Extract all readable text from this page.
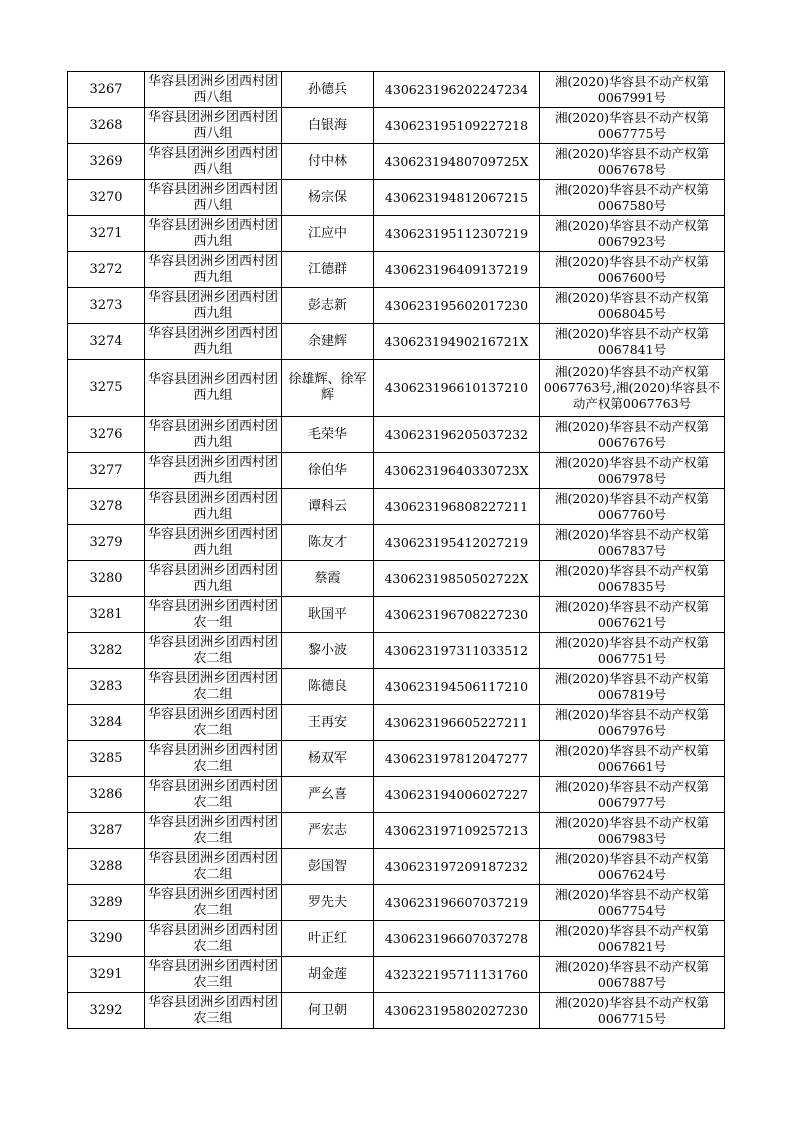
3267	华容县团洲乡团西村团西八组	孙德兵	430623196202247234	湘(2020)华容县不动产权第0067991号
3268	华容县团洲乡团西村团西八组	白银海	430623195109227218	湘(2020)华容县不动产权第0067775号
3269	华容县团洲乡团西村团西八组	付中林	43062319480709725X	湘(2020)华容县不动产权第0067678号
3270	华容县团洲乡团西村团西八组	杨宗保	430623194812067215	湘(2020)华容县不动产权第0067580号
3271	华容县团洲乡团西村团西九组	江应中	430623195112307219	湘(2020)华容县不动产权第0067923号
3272	华容县团洲乡团西村团西九组	江德群	430623196409137219	湘(2020)华容县不动产权第0067600号
3273	华容县团洲乡团西村团西九组	彭志新	430623195602017230	湘(2020)华容县不动产权第0068045号
3274	华容县团洲乡团西村团西九组	余建辉	43062319490216721X	湘(2020)华容县不动产权第0067841号
3275	华容县团洲乡团西村团西九组	徐雄辉、徐军辉	430623196610137210	湘(2020)华容县不动产权第0067763号,湘(2020)华容县不动产权第0067763号
3276	华容县团洲乡团西村团西九组	毛荣华	430623196205037232	湘(2020)华容县不动产权第0067676号
3277	华容县团洲乡团西村团西九组	徐伯华	43062319640330723X	湘(2020)华容县不动产权第0067978号
3278	华容县团洲乡团西村团西九组	谭科云	430623196808227211	湘(2020)华容县不动产权第0067760号
3279	华容县团洲乡团西村团西九组	陈友才	430623195412027219	湘(2020)华容县不动产权第0067837号
3280	华容县团洲乡团西村团西九组	蔡霞	43062319850502722X	湘(2020)华容县不动产权第0067835号
3281	华容县团洲乡团西村团农一组	耿国平	430623196708227230	湘(2020)华容县不动产权第0067621号
3282	华容县团洲乡团西村团农二组	黎小波	430623197311033512	湘(2020)华容县不动产权第0067751号
3283	华容县团洲乡团西村团农二组	陈德良	430623194506117210	湘(2020)华容县不动产权第0067819号
3284	华容县团洲乡团西村团农二组	王再安	430623196605227211	湘(2020)华容县不动产权第0067976号
3285	华容县团洲乡团西村团农二组	杨双军	430623197812047277	湘(2020)华容县不动产权第0067661号
3286	华容县团洲乡团西村团农二组	严幺喜	430623194006027227	湘(2020)华容县不动产权第0067977号
3287	华容县团洲乡团西村团农二组	严宏志	430623197109257213	湘(2020)华容县不动产权第0067983号
3288	华容县团洲乡团西村团农二组	彭国智	430623197209187232	湘(2020)华容县不动产权第0067624号
3289	华容县团洲乡团西村团农二组	罗先夫	430623196607037219	湘(2020)华容县不动产权第0067754号
3290	华容县团洲乡团西村团农二组	叶正红	430623196607037278	湘(2020)华容县不动产权第0067821号
3291	华容县团洲乡团西村团农三组	胡金莲	432322195711131760	湘(2020)华容县不动产权第0067887号
3292	华容县团洲乡团西村团农三组	何卫朝	430623195802027230	湘(2020)华容县不动产权第0067715号
